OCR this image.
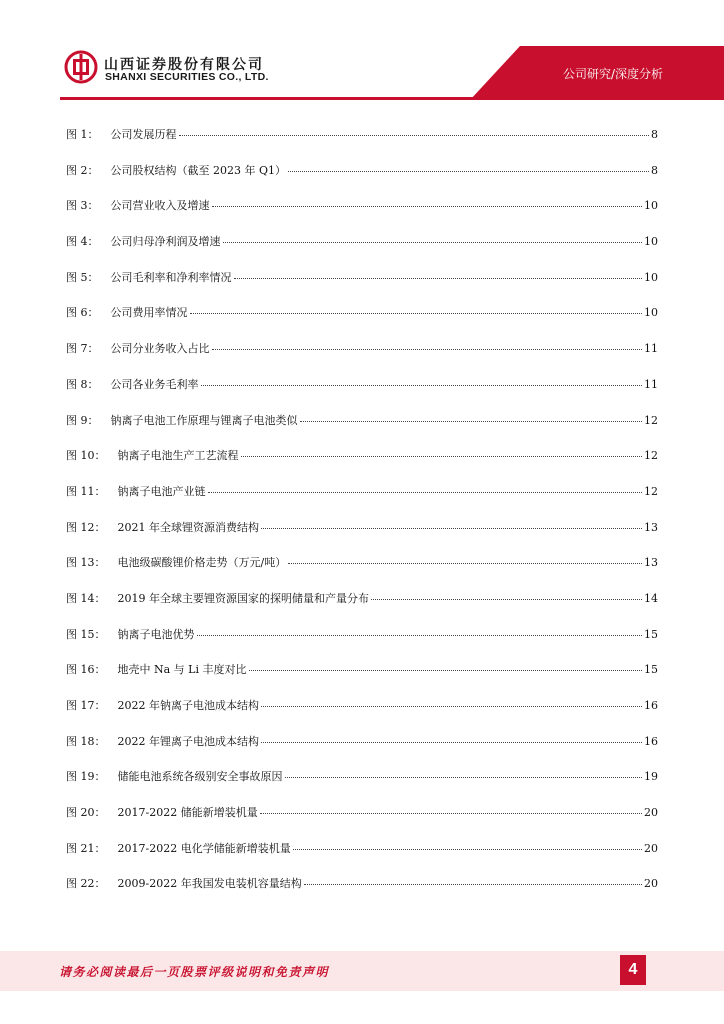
山西证券股份有限公司
SHANXI SECURITIES CO., LTD.	公司研究/深度分析
图 1：	公司发展历程	8
图 2：	公司股权结构（截至 2023 年 Q1）	8
图 3：	公司营业收入及增速	10
图 4：	公司归母净利润及增速	10
图 5：	公司毛利率和净利率情况	10
图 6：	公司费用率情况	10
图 7：	公司分业务收入占比	11
图 8：	公司各业务毛利率	11
图 9：	钠离子电池工作原理与锂离子电池类似	12
图 10：	钠离子电池生产工艺流程	12
图 11：	钠离子电池产业链	12
图 12：	2021 年全球锂资源消费结构	13
图 13：	电池级碳酸锂价格走势（万元/吨）	13
图 14：	2019 年全球主要锂资源国家的探明储量和产量分布	14
图 15：	钠离子电池优势	15
图 16：	地壳中 Na 与 Li 丰度对比	15
图 17：	2022 年钠离子电池成本结构	16
图 18：	2022 年锂离子电池成本结构	16
图 19：	储能电池系统各级别安全事故原因	19
图 20：	2017-2022 储能新增装机量	20
图 21：	2017-2022 电化学储能新增装机量	20
图 22：	2009-2022 年我国发电装机容量结构	20
请务必阅读最后一页股票评级说明和免责声明	4
